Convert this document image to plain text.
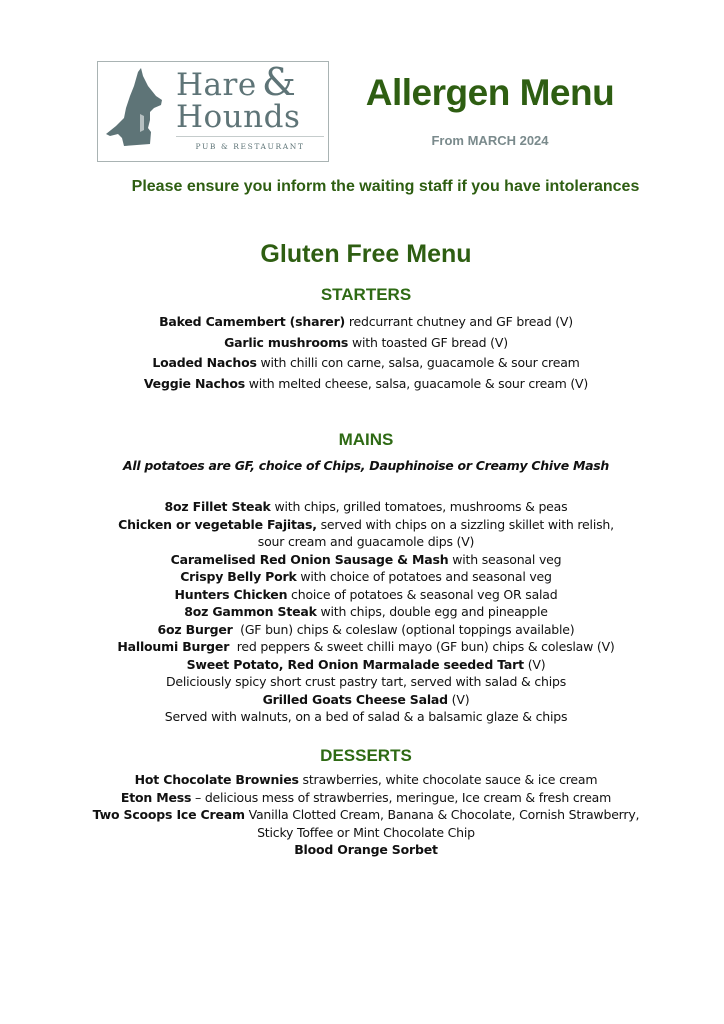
Hare
Hounds
&
PUB & RESTAURANT
Allergen Menu
From MARCH 2024
Please ensure you inform the waiting staff if you have intolerances
Gluten Free Menu
STARTERS
Baked Camembert (sharer) redcurrant chutney and GF bread (V)
Garlic mushrooms with toasted GF bread (V)
Loaded Nachos with chilli con carne, salsa, guacamole & sour cream
Veggie Nachos with melted cheese, salsa, guacamole & sour cream (V)
MAINS
All potatoes are GF, choice of Chips, Dauphinoise or Creamy Chive Mash
8oz Fillet Steak with chips, grilled tomatoes, mushrooms & peas
Chicken or vegetable Fajitas, served with chips on a sizzling skillet with relish,
sour cream and guacamole dips (V)
Caramelised Red Onion Sausage & Mash with seasonal veg
Crispy Belly Pork with choice of potatoes and seasonal veg
Hunters Chicken choice of potatoes & seasonal veg OR salad
8oz Gammon Steak with chips, double egg and pineapple
6oz Burger  (GF bun) chips & coleslaw (optional toppings available)
Halloumi Burger  red peppers & sweet chilli mayo (GF bun) chips & coleslaw (V)
Sweet Potato, Red Onion Marmalade seeded Tart (V)
Deliciously spicy short crust pastry tart, served with salad & chips
Grilled Goats Cheese Salad (V)
Served with walnuts, on a bed of salad & a balsamic glaze & chips
DESSERTS
Hot Chocolate Brownies strawberries, white chocolate sauce & ice cream
Eton Mess – delicious mess of strawberries, meringue, Ice cream & fresh cream
Two Scoops Ice Cream Vanilla Clotted Cream, Banana & Chocolate, Cornish Strawberry,
Sticky Toffee or Mint Chocolate Chip
Blood Orange Sorbet
